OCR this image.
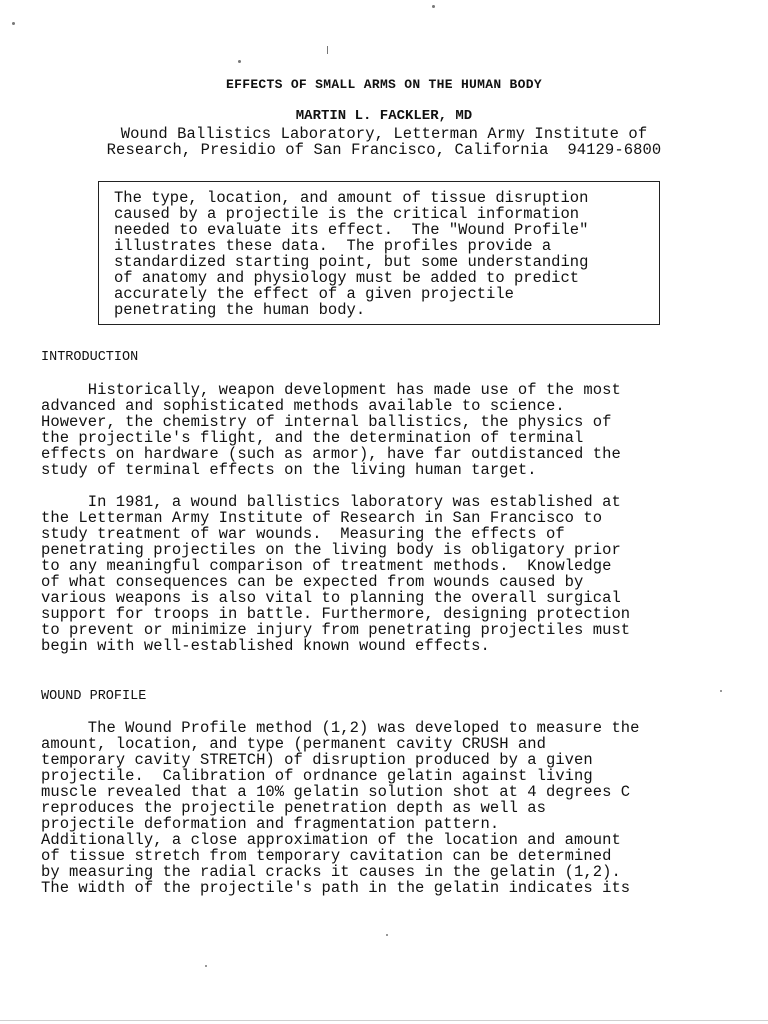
EFFECTS OF SMALL ARMS ON THE HUMAN BODY
MARTIN L. FACKLER, MD
Wound Ballistics Laboratory, Letterman Army Institute of
Research, Presidio of San Francisco, California  94129-6800
The type, location, and amount of tissue disruption
caused by a projectile is the critical information
needed to evaluate its effect.  The "Wound Profile"
illustrates these data.  The profiles provide a
standardized starting point, but some understanding
of anatomy and physiology must be added to predict
accurately the effect of a given projectile
penetrating the human body.
INTRODUCTION
Historically, weapon development has made use of the most
advanced and sophisticated methods available to science.
However, the chemistry of internal ballistics, the physics of
the projectile's flight, and the determination of terminal
effects on hardware (such as armor), have far outdistanced the
study of terminal effects on the living human target.
In 1981, a wound ballistics laboratory was established at
the Letterman Army Institute of Research in San Francisco to
study treatment of war wounds.  Measuring the effects of
penetrating projectiles on the living body is obligatory prior
to any meaningful comparison of treatment methods.  Knowledge
of what consequences can be expected from wounds caused by
various weapons is also vital to planning the overall surgical
support for troops in battle. Furthermore, designing protection
to prevent or minimize injury from penetrating projectiles must
begin with well-established known wound effects.
WOUND PROFILE
The Wound Profile method (1,2) was developed to measure the
amount, location, and type (permanent cavity CRUSH and
temporary cavity STRETCH) of disruption produced by a given
projectile.  Calibration of ordnance gelatin against living
muscle revealed that a 10% gelatin solution shot at 4 degrees C
reproduces the projectile penetration depth as well as
projectile deformation and fragmentation pattern.
Additionally, a close approximation of the location and amount
of tissue stretch from temporary cavitation can be determined
by measuring the radial cracks it causes in the gelatin (1,2).
The width of the projectile's path in the gelatin indicates its
